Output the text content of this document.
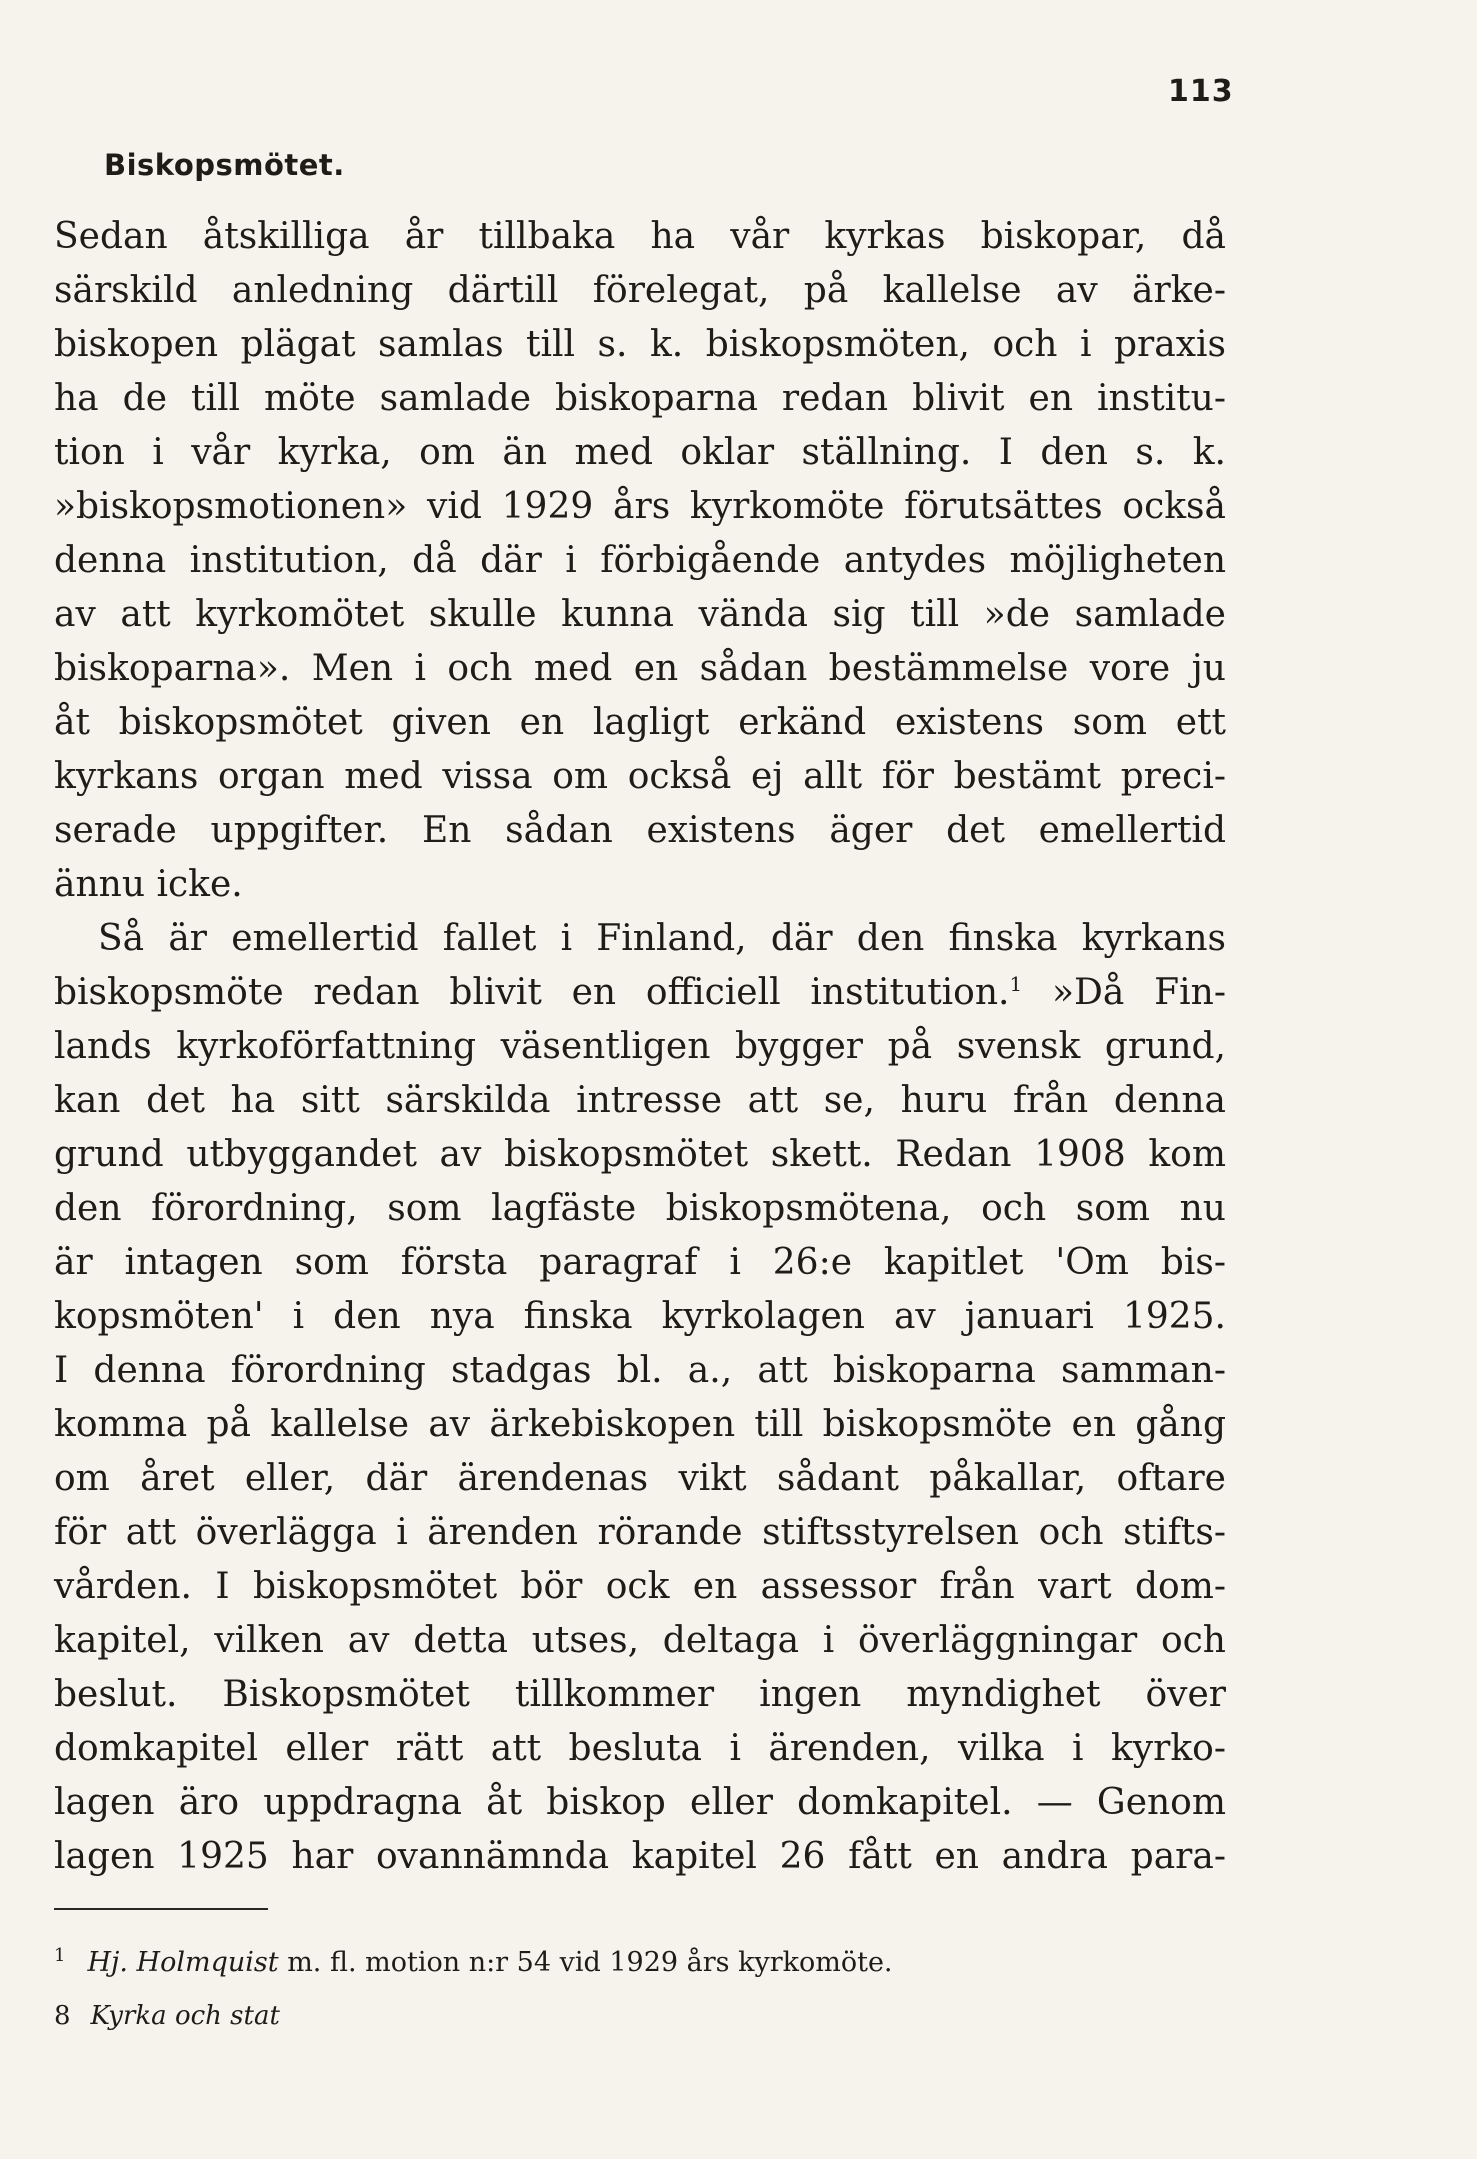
113
Biskopsmötet.
Sedan åtskilliga år tillbaka ha vår kyrkas biskopar, då
särskild anledning därtill förelegat, på kallelse av ärke-
biskopen plägat samlas till s. k. biskopsmöten, och i praxis
ha de till möte samlade biskoparna redan blivit en institu-
tion i vår kyrka, om än med oklar ställning. I den s. k.
»biskopsmotionen» vid 1929 års kyrkomöte förutsättes också
denna institution, då där i förbigående antydes möjligheten
av att kyrkomötet skulle kunna vända sig till »de samlade
biskoparna». Men i och med en sådan bestämmelse vore ju
åt biskopsmötet given en lagligt erkänd existens som ett
kyrkans organ med vissa om också ej allt för bestämt preci-
serade uppgifter. En sådan existens äger det emellertid
ännu icke.
Så är emellertid fallet i Finland, där den finska kyrkans
biskopsmöte redan blivit en officiell institution.$^1$ »Då Fin-
lands kyrkoförfattning väsentligen bygger på svensk grund,
kan det ha sitt särskilda intresse att se, huru från denna
grund utbyggandet av biskopsmötet skett. Redan 1908 kom
den förordning, som lagfäste biskopsmötena, och som nu
är intagen som första paragraf i 26:e kapitlet 'Om bis-
kopsmöten' i den nya finska kyrkolagen av januari 1925.
I denna förordning stadgas bl. a., att biskoparna samman-
komma på kallelse av ärkebiskopen till biskopsmöte en gång
om året eller, där ärendenas vikt sådant påkallar, oftare
för att överlägga i ärenden rörande stiftsstyrelsen och stifts-
vården. I biskopsmötet bör ock en assessor från vart dom-
kapitel, vilken av detta utses, deltaga i överläggningar och
beslut. Biskopsmötet tillkommer ingen myndighet över
domkapitel eller rätt att besluta i ärenden, vilka i kyrko-
lagen äro uppdragna åt biskop eller domkapitel. — Genom
lagen 1925 har ovannämnda kapitel 26 fått en andra para-
$^1$ Hj. Holmquist m. fl. motion n:r 54 vid 1929 års kyrkomöte.
8 Kyrka och stat
